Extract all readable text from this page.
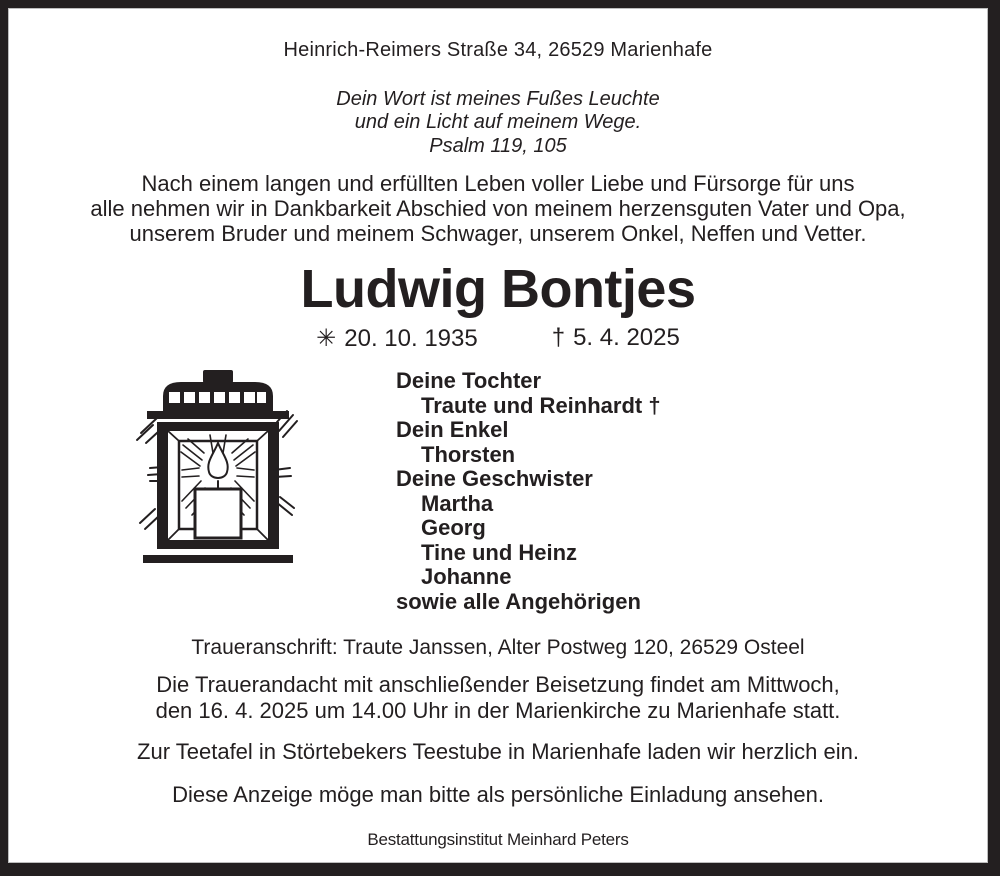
Heinrich-Reimers Straße 34, 26529 Marienhafe
Dein Wort ist meines Fußes Leuchte
und ein Licht auf meinem Wege.
Psalm 119, 105
Nach einem langen und erfüllten Leben voller Liebe und Fürsorge für uns
alle nehmen wir in Dankbarkeit Abschied von meinem herzensguten Vater und Opa,
unserem Bruder und meinem Schwager, unserem Onkel, Neffen und Vetter.
Ludwig Bontjes
✳ 20. 10. 1935	† 5. 4. 2025
Deine Tochter
Traute und Reinhardt †
Dein Enkel
Thorsten
Deine Geschwister
Martha
Georg
Tine und Heinz
Johanne
sowie alle Angehörigen
Traueranschrift: Traute Janssen, Alter Postweg 120, 26529 Osteel
Die Trauerandacht mit anschließender Beisetzung findet am Mittwoch,
den 16. 4. 2025 um 14.00 Uhr in der Marienkirche zu Marienhafe statt.
Zur Teetafel in Störtebekers Teestube in Marienhafe laden wir herzlich ein.
Diese Anzeige möge man bitte als persönliche Einladung ansehen.
Bestattungsinstitut Meinhard Peters
